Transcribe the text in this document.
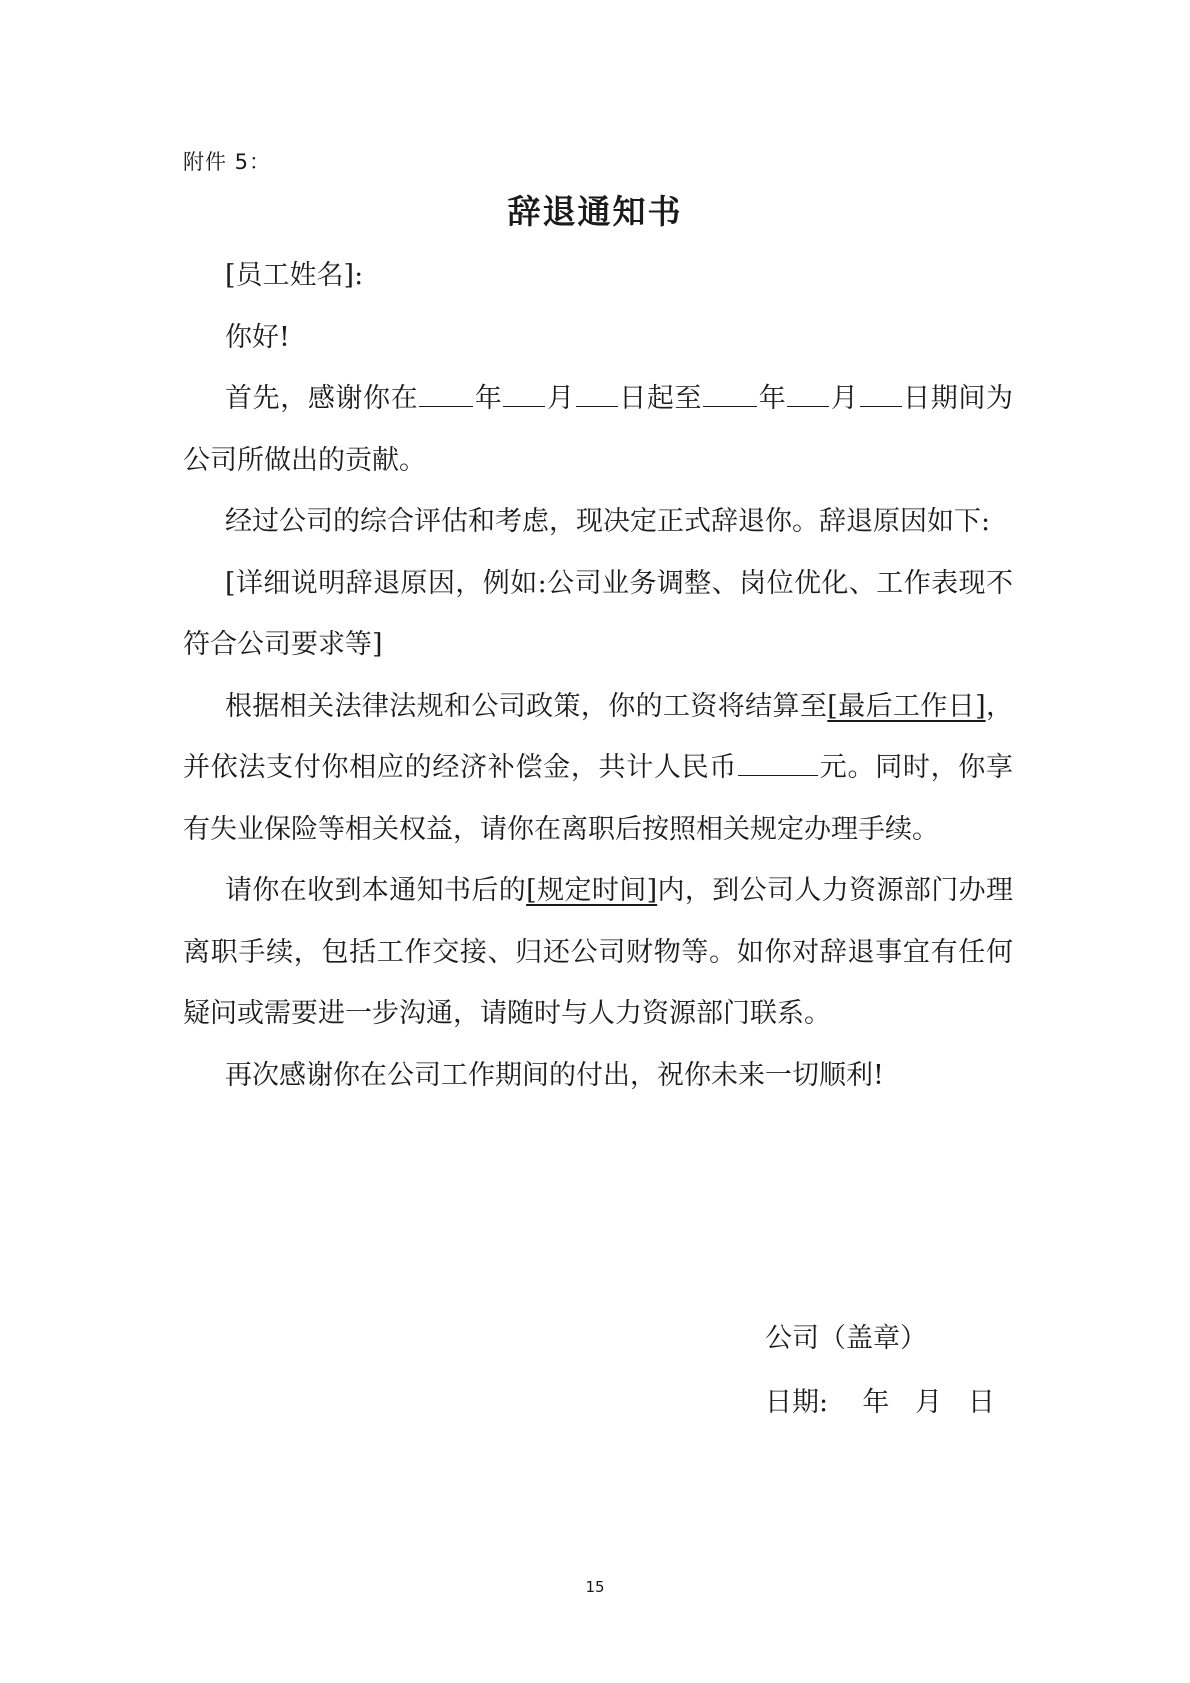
附件 5：
辞退通知书

[员工姓名]:

你好!

首先，感谢你在 年 月 日起至 年 月 日期间为公司所做出的贡献。

经过公司的综合评估和考虑，现决定正式辞退你。辞退原因如下:

[详细说明辞退原因，例如:公司业务调整、岗位优化、工作表现不符合公司要求等]

根据相关法律法规和公司政策，你的工资将结算至[最后工作日]，并依法支付你相应的经济补偿金，共计人民币	元。同时，你享有失业保险等相关权益，请你在离职后按照相关规定办理手续。

请你在收到本通知书后的[规定时间]内，到公司人力资源部门办理离职手续，包括工作交接、归还公司财物等。如你对辞退事宜有任何疑问或需要进一步沟通，请随时与人力资源部门联系。

再次感谢你在公司工作期间的付出，祝你未来一切顺利!

公司（盖章）
日期:    年   月   日
15
